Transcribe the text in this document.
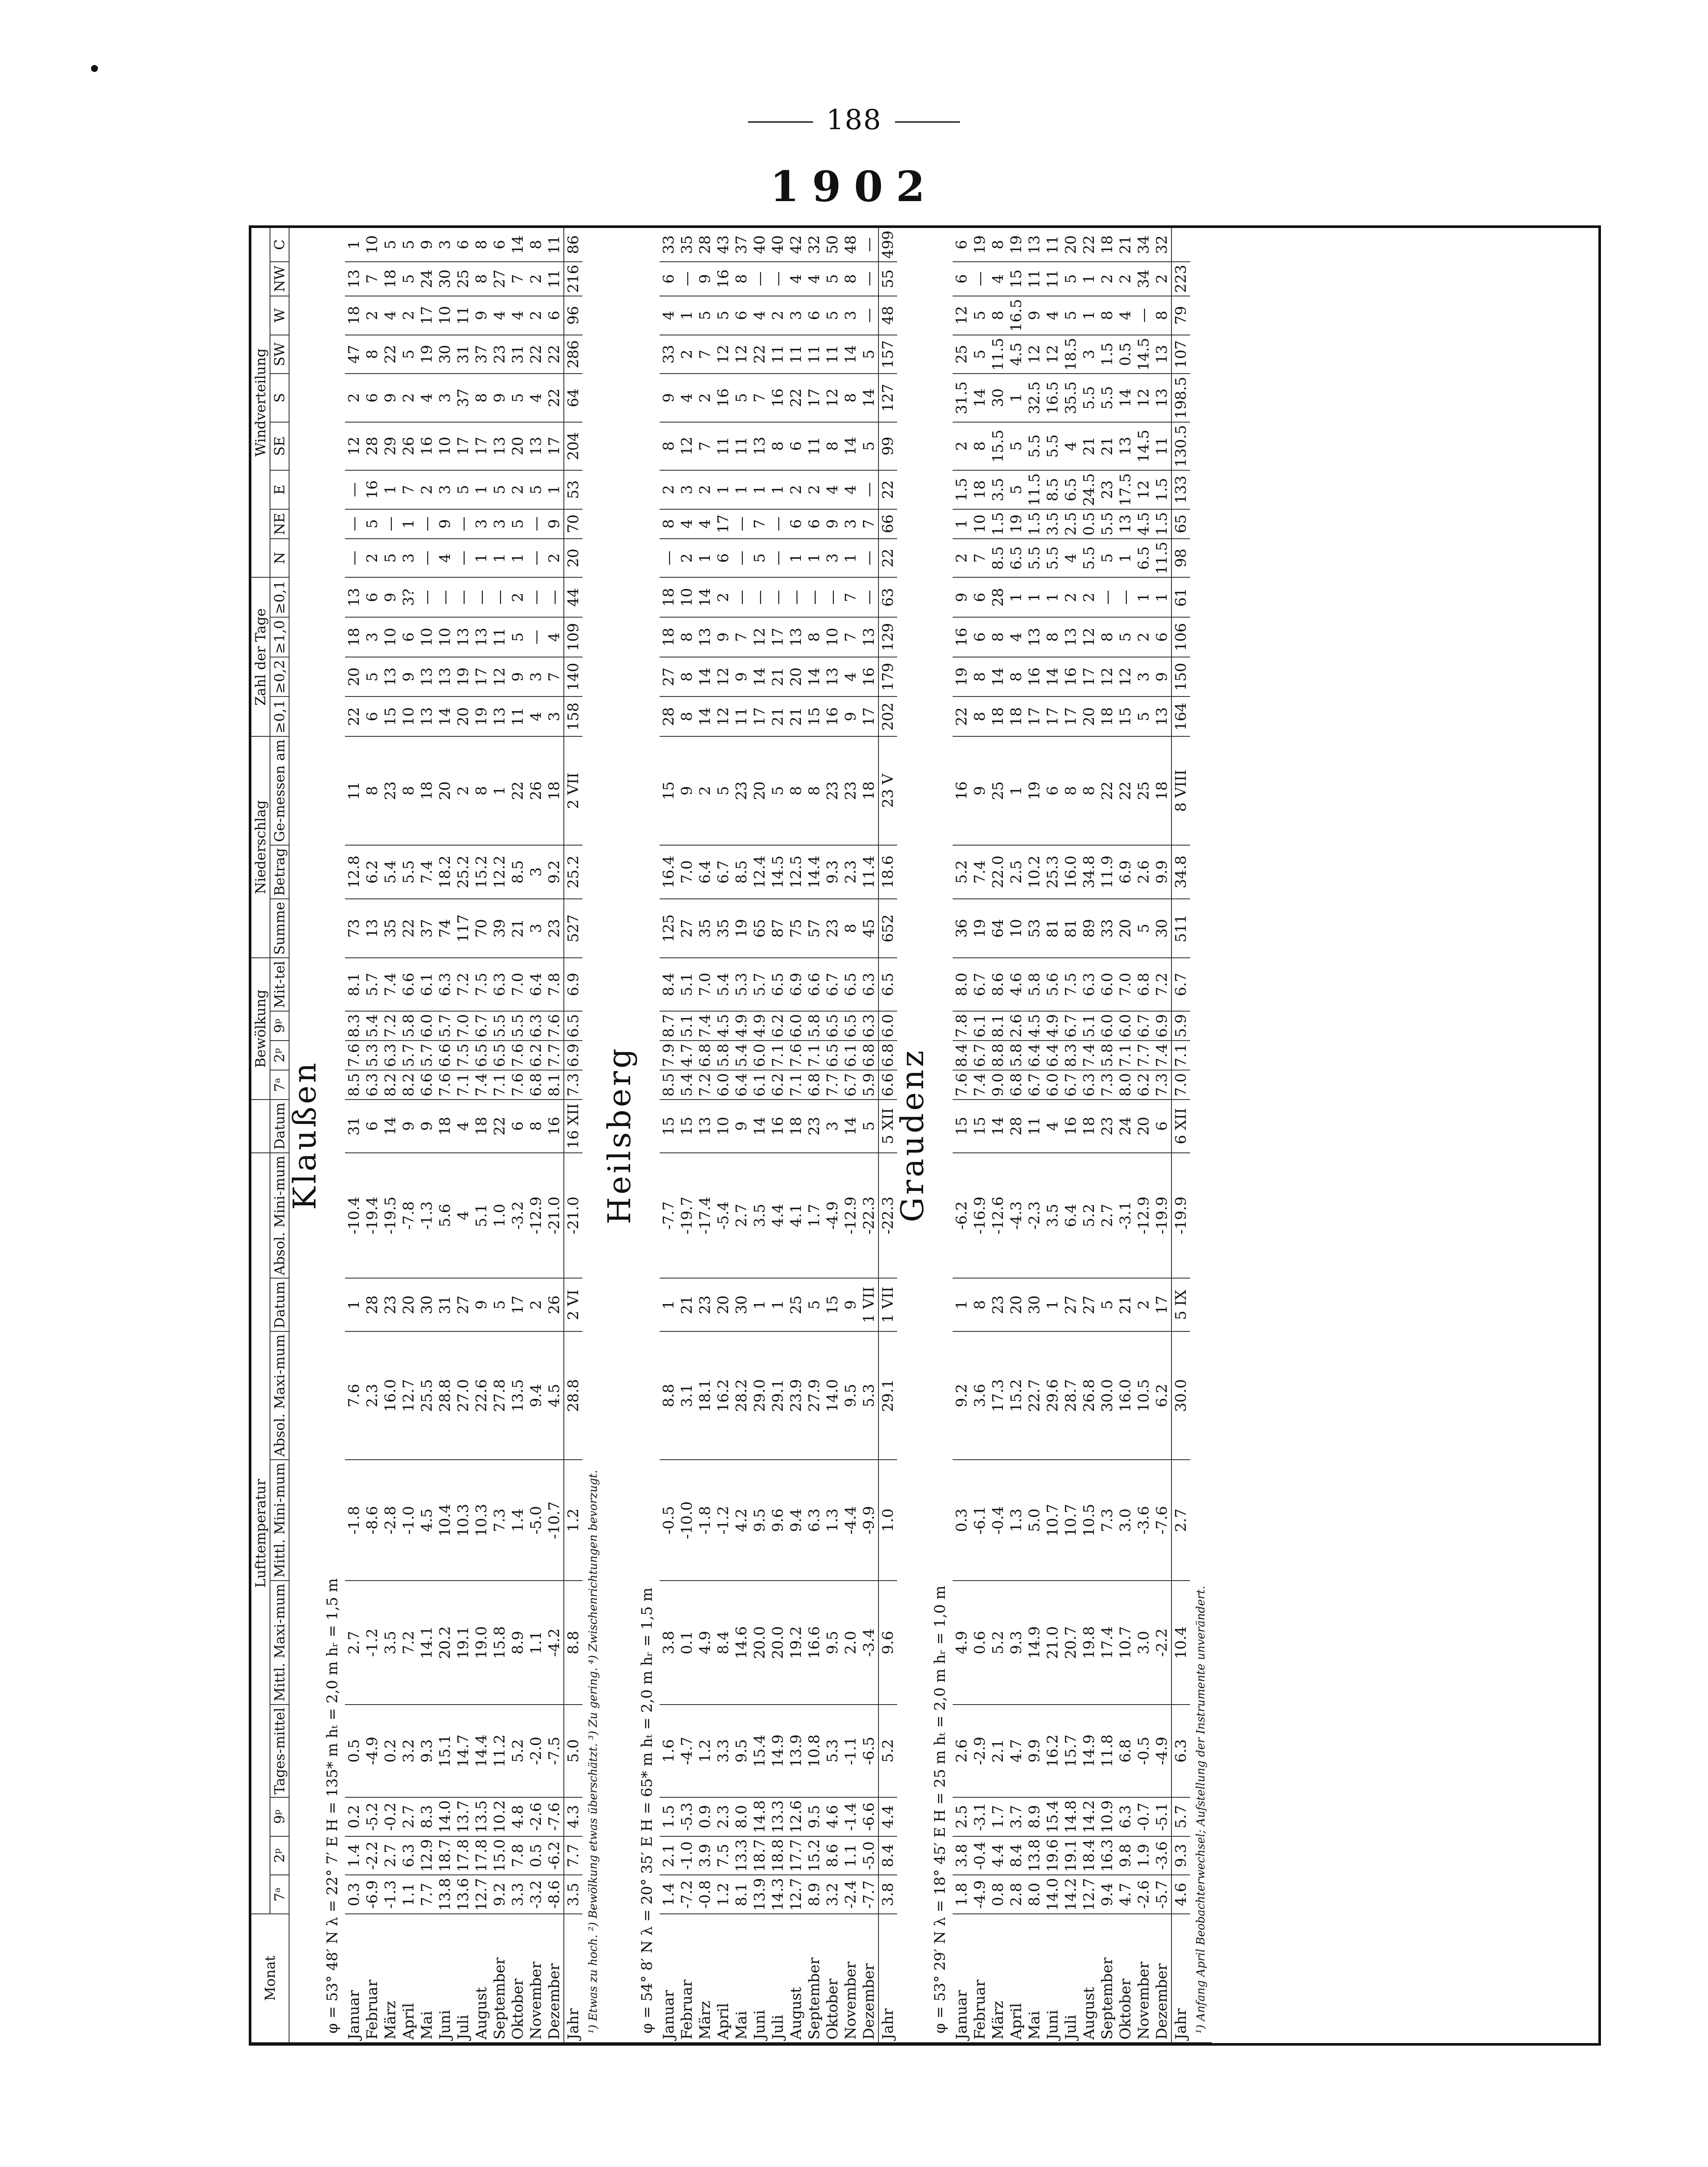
188
1902
Monat	Lufttemperatur										Bewölkung				Niederschlag			Zahl der Tage				Windverteilung								
	7ᵃ	2ᵖ	9ᵖ	Tages-mittel	Mittl. Maxi-mum	Mittl. Mini-mum	Absol. Maxi-mum	Datum	Absol. Mini-mum	Datum	7ᵃ	2ᵖ	9ᵖ	Mit-tel	Summe	Betrag	Ge-messen am	≥0,1	≥0,2	≥1,0	≥0,1	N	NE	E	SE	S	SW	W	NW	C
Klaußen																														
φ = 53° 48′ N λ = 22° 7′ E H = 135* m hₜ = 2,0 m hᵣ = 1,5 m																														
Januar	0.3	1.4	0.2	0.5	2.7	-1.8	7.6	1	-10.4	31	8.5	7.6	8.3	8.1	73	12.8	11	22	20	18	13	—	—	—	12	2	47	18	13	1
Februar	-6.9	-2.2	-5.2	-4.9	-1.2	-8.6	2.3	28	-19.4	6	6.3	5.3	5.4	5.7	13	6.2	8	6	5	3	6	2	5	16	28	6	8	2	7	10
März	-1.3	2.7	-0.2	0.2	3.5	-2.8	16.0	23	-19.5	14	8.2	6.3	7.2	7.4	35	5.4	23	15	13	10	9	5	—	1	29	9	22	4	18	5
April	1.1	6.3	2.7	3.2	7.2	-1.0	12.7	20	-7.8	9	8.2	5.7	5.8	6.6	22	5.5	8	10	9	6	3?	3	1	7	26	2	5	2	5	5
Mai	7.7	12.9	8.3	9.3	14.1	4.5	25.5	30	-1.3	9	6.6	5.7	6.0	6.1	37	7.4	18	13	13	10	—	—	—	2	16	4	19	17	24	9
Juni	13.8	18.7	14.0	15.1	20.2	10.4	28.8	31	5.6	18	7.6	6.6	5.7	6.3	74	18.2	20	14	13	10	—	4	9	3	10	3	30	10	30	3
Juli	13.6	17.8	13.7	14.7	19.1	10.3	27.0	27	4	4	7.1	7.5	7.0	7.2	117	25.2	2	20	19	13	—	—	—	5	17	37	31	11	25	6
August	12.7	17.8	13.5	14.4	19.0	10.3	22.6	9	5.1	18	7.4	6.5	6.7	7.5	70	15.2	8	19	17	13	—	1	3	1	17	8	37	9	8	8
September	9.2	15.0	10.2	11.2	15.8	7.3	27.8	5	1.0	22	7.1	6.5	5.5	6.3	39	12.2	1	13	12	11	—	1	3	5	13	9	23	4	27	6
Oktober	3.3	7.8	4.8	5.2	8.9	1.4	13.5	17	-3.2	6	7.6	7.6	5.5	7.0	21	8.5	22	11	9	5	2	1	5	2	20	5	31	4	7	14
November	-3.2	0.5	-2.6	-2.0	1.1	-5.0	9.4	2	-12.9	8	6.8	6.2	6.3	6.4	3	3	26	4	3	—	—	—	—	5	13	4	22	2	2	8
Dezember	-8.6	-6.2	-7.6	-7.5	-4.2	-10.7	4.5	26	-21.0	16	8.1	7.7	7.6	7.8	23	9.2	18	3	7	4	—	2	9	1	17	22	22	6	11	11
Jahr	3.5	7.7	4.3	5.0	8.8	1.2	28.8	2 VI	-21.0	16 XII	7.3	6.9	6.5	6.9	527	25.2	2 VII	158	140	109	44	20	70	53	204	64	286	96	216	86
¹) Etwas zu hoch. ²) Bewölkung etwas überschätzt. ³) Zu gering. ⁴) Zwischenrichtungen bevorzugt.																														
Heilsberg																														
φ = 54° 8′ N λ = 20° 35′ E H = 65* m hₜ = 2,0 m hᵣ = 1,5 m																														
Januar	1.4	2.1	1.5	1.6	3.8	-0.5	8.8	1	-7.7	15	8.5	7.9	8.7	8.4	125	16.4	15	28	27	18	18	—	8	2	8	9	33	4	6	33
Februar	-7.2	-1.0	-5.3	-4.7	0.1	-10.0	3.1	21	-19.7	15	5.4	4.7	5.1	5.1	27	7.0	9	8	8	8	10	2	4	3	12	4	2	1	—	35
März	-0.8	3.9	0.9	1.2	4.9	-1.8	18.1	23	-17.4	13	7.2	6.8	7.4	7.0	35	6.4	2	14	14	13	14	1	4	2	7	2	7	5	9	28
April	1.2	7.5	2.3	3.3	8.4	-1.2	16.2	20	-5.4	10	6.0	5.8	4.5	5.4	35	6.7	5	12	12	9	2	6	17	1	11	16	12	5	16	43
Mai	8.1	13.3	8.0	9.5	14.6	4.2	28.2	30	2.7	9	6.4	5.4	4.9	5.3	19	8.5	23	11	9	7	—	—	—	1	11	5	12	6	8	37
Juni	13.9	18.7	14.8	15.4	20.0	9.5	29.0	1	3.5	14	6.1	6.0	4.9	5.7	65	12.4	20	17	14	12	—	5	7	1	13	7	22	4	—	40
Juli	14.3	18.8	13.3	14.9	20.0	9.6	29.1	1	4.4	16	6.2	7.1	6.2	6.5	87	14.5	5	21	21	17	—	—	—	1	8	16	11	2	—	40
August	12.7	17.7	12.6	13.9	19.2	9.4	23.9	25	4.1	18	7.1	7.6	6.0	6.9	75	12.5	8	21	20	13	—	1	6	2	6	22	11	3	4	42
September	8.9	15.2	9.5	10.8	16.6	6.3	27.9	5	1.7	23	6.8	7.1	5.8	6.6	57	14.4	8	15	14	8	—	1	6	2	11	17	11	6	4	32
Oktober	3.2	8.6	4.6	5.3	9.5	1.3	14.0	15	-4.9	3	7.7	6.5	6.5	6.7	23	9.3	23	16	13	10	—	3	9	4	8	12	11	5	5	50
November	-2.4	1.1	-1.4	-1.1	2.0	-4.4	9.5	9	-12.9	14	6.7	6.1	6.5	6.5	8	2.3	23	9	4	7	7	1	3	4	14	8	14	3	8	48
Dezember	-7.7	-5.0	-6.6	-6.5	-3.4	-9.9	5.3	1 VII	-22.3	5	5.9	6.8	6.3	6.3	45	11.4	18	17	16	13	—	—	7	—	5	14	5	—	—	—
Jahr	3.8	8.4	4.4	5.2	9.6	1.0	29.1	1 VII	-22.3	5 XII	6.6	6.8	6.0	6.5	652	18.6	23 V	202	179	129	63	22	66	22	99	127	157	48	55	499
Graudenz																														
φ = 53° 29′ N λ = 18° 45′ E H = 25 m hₜ = 2,0 m hᵣ = 1,0 m																														
Januar	1.8	3.8	2.5	2.6	4.9	0.3	9.2	1	-6.2	15	7.6	8.4	7.8	8.0	36	5.2	16	22	19	16	9	2	1	1.5	2	31.5	25	12	6	6
Februar	-4.9	-0.4	-3.1	-2.9	0.6	-6.1	3.6	8	-16.9	15	7.4	6.7	6.1	6.7	19	7.4	9	8	8	6	6	7	10	18	8	14	5	5	—	19
März	0.8	4.4	1.7	2.1	5.2	-0.4	17.3	23	-12.6	14	9.0	8.8	8.1	8.6	64	22.0	25	18	14	8	28	8.5	1.5	3.5	15.5	30	11.5	8	4	8
April	2.8	8.4	3.7	4.7	9.3	1.3	15.2	20	-4.3	28	6.8	5.8	2.6	4.6	10	2.5	1	18	8	4	1	6.5	19	5	5	1	4.5	16.5	15	19
Mai	8.0	13.8	8.9	9.9	14.9	5.0	22.7	30	-2.3	11	6.7	6.4	4.5	5.8	53	10.2	19	17	16	13	1	5.5	1.5	11.5	5.5	32.5	12	9	11	13
Juni	14.0	19.6	15.4	16.2	21.0	10.7	29.6	1	3.5	4	6.0	6.4	4.9	5.6	81	25.3	6	17	14	8	1	5.5	3.5	8.5	5.5	16.5	12	4	11	11
Juli	14.2	19.1	14.8	15.7	20.7	10.7	28.7	27	6.4	16	6.7	8.3	6.7	7.5	81	16.0	8	17	16	13	2	4	2.5	6.5	4	35.5	18.5	5	5	20
August	12.7	18.4	14.2	14.9	19.8	10.5	26.8	27	5.2	18	6.3	7.4	5.1	6.3	89	34.8	8	20	17	12	2	5.5	0.5	24.5	21	5.5	3	1	1	22
September	9.4	16.3	10.9	11.8	17.4	7.3	30.0	5	2.7	23	7.3	5.8	6.0	6.0	33	11.9	22	18	12	8	—	5	5.5	23	21	5.5	1.5	8	2	18
Oktober	4.7	9.8	6.3	6.8	10.7	3.0	16.0	21	-3.1	24	8.0	7.1	6.0	7.0	20	6.9	22	15	12	5	—	1	13	17.5	13	14	0.5	4	2	21
November	-2.6	1.9	-0.7	-0.5	3.0	-3.6	10.5	2	-12.9	20	6.2	7.7	6.7	6.8	5	2.6	25	5	3	2	1	6.5	4.5	12	14.5	12	14.5	—	34	34
Dezember	-5.7	-3.6	-5.1	-4.9	-2.2	-7.6	6.2	17	-19.9	6	7.3	7.4	6.9	7.2	30	9.9	18	13	9	6	1	11.5	1.5	1.5	11	13	13	8	2	32
Jahr	4.6	9.3	5.7	6.3	10.4	2.7	30.0	5 IX	-19.9	6 XII	7.0	7.1	5.9	6.7	511	34.8	8 VIII	164	150	106	61	98	65	133	130.5	198.5	107	79	223	
¹) Anfang April Beobachterwechsel; Aufstellung der Instrumente unverändert.																														
